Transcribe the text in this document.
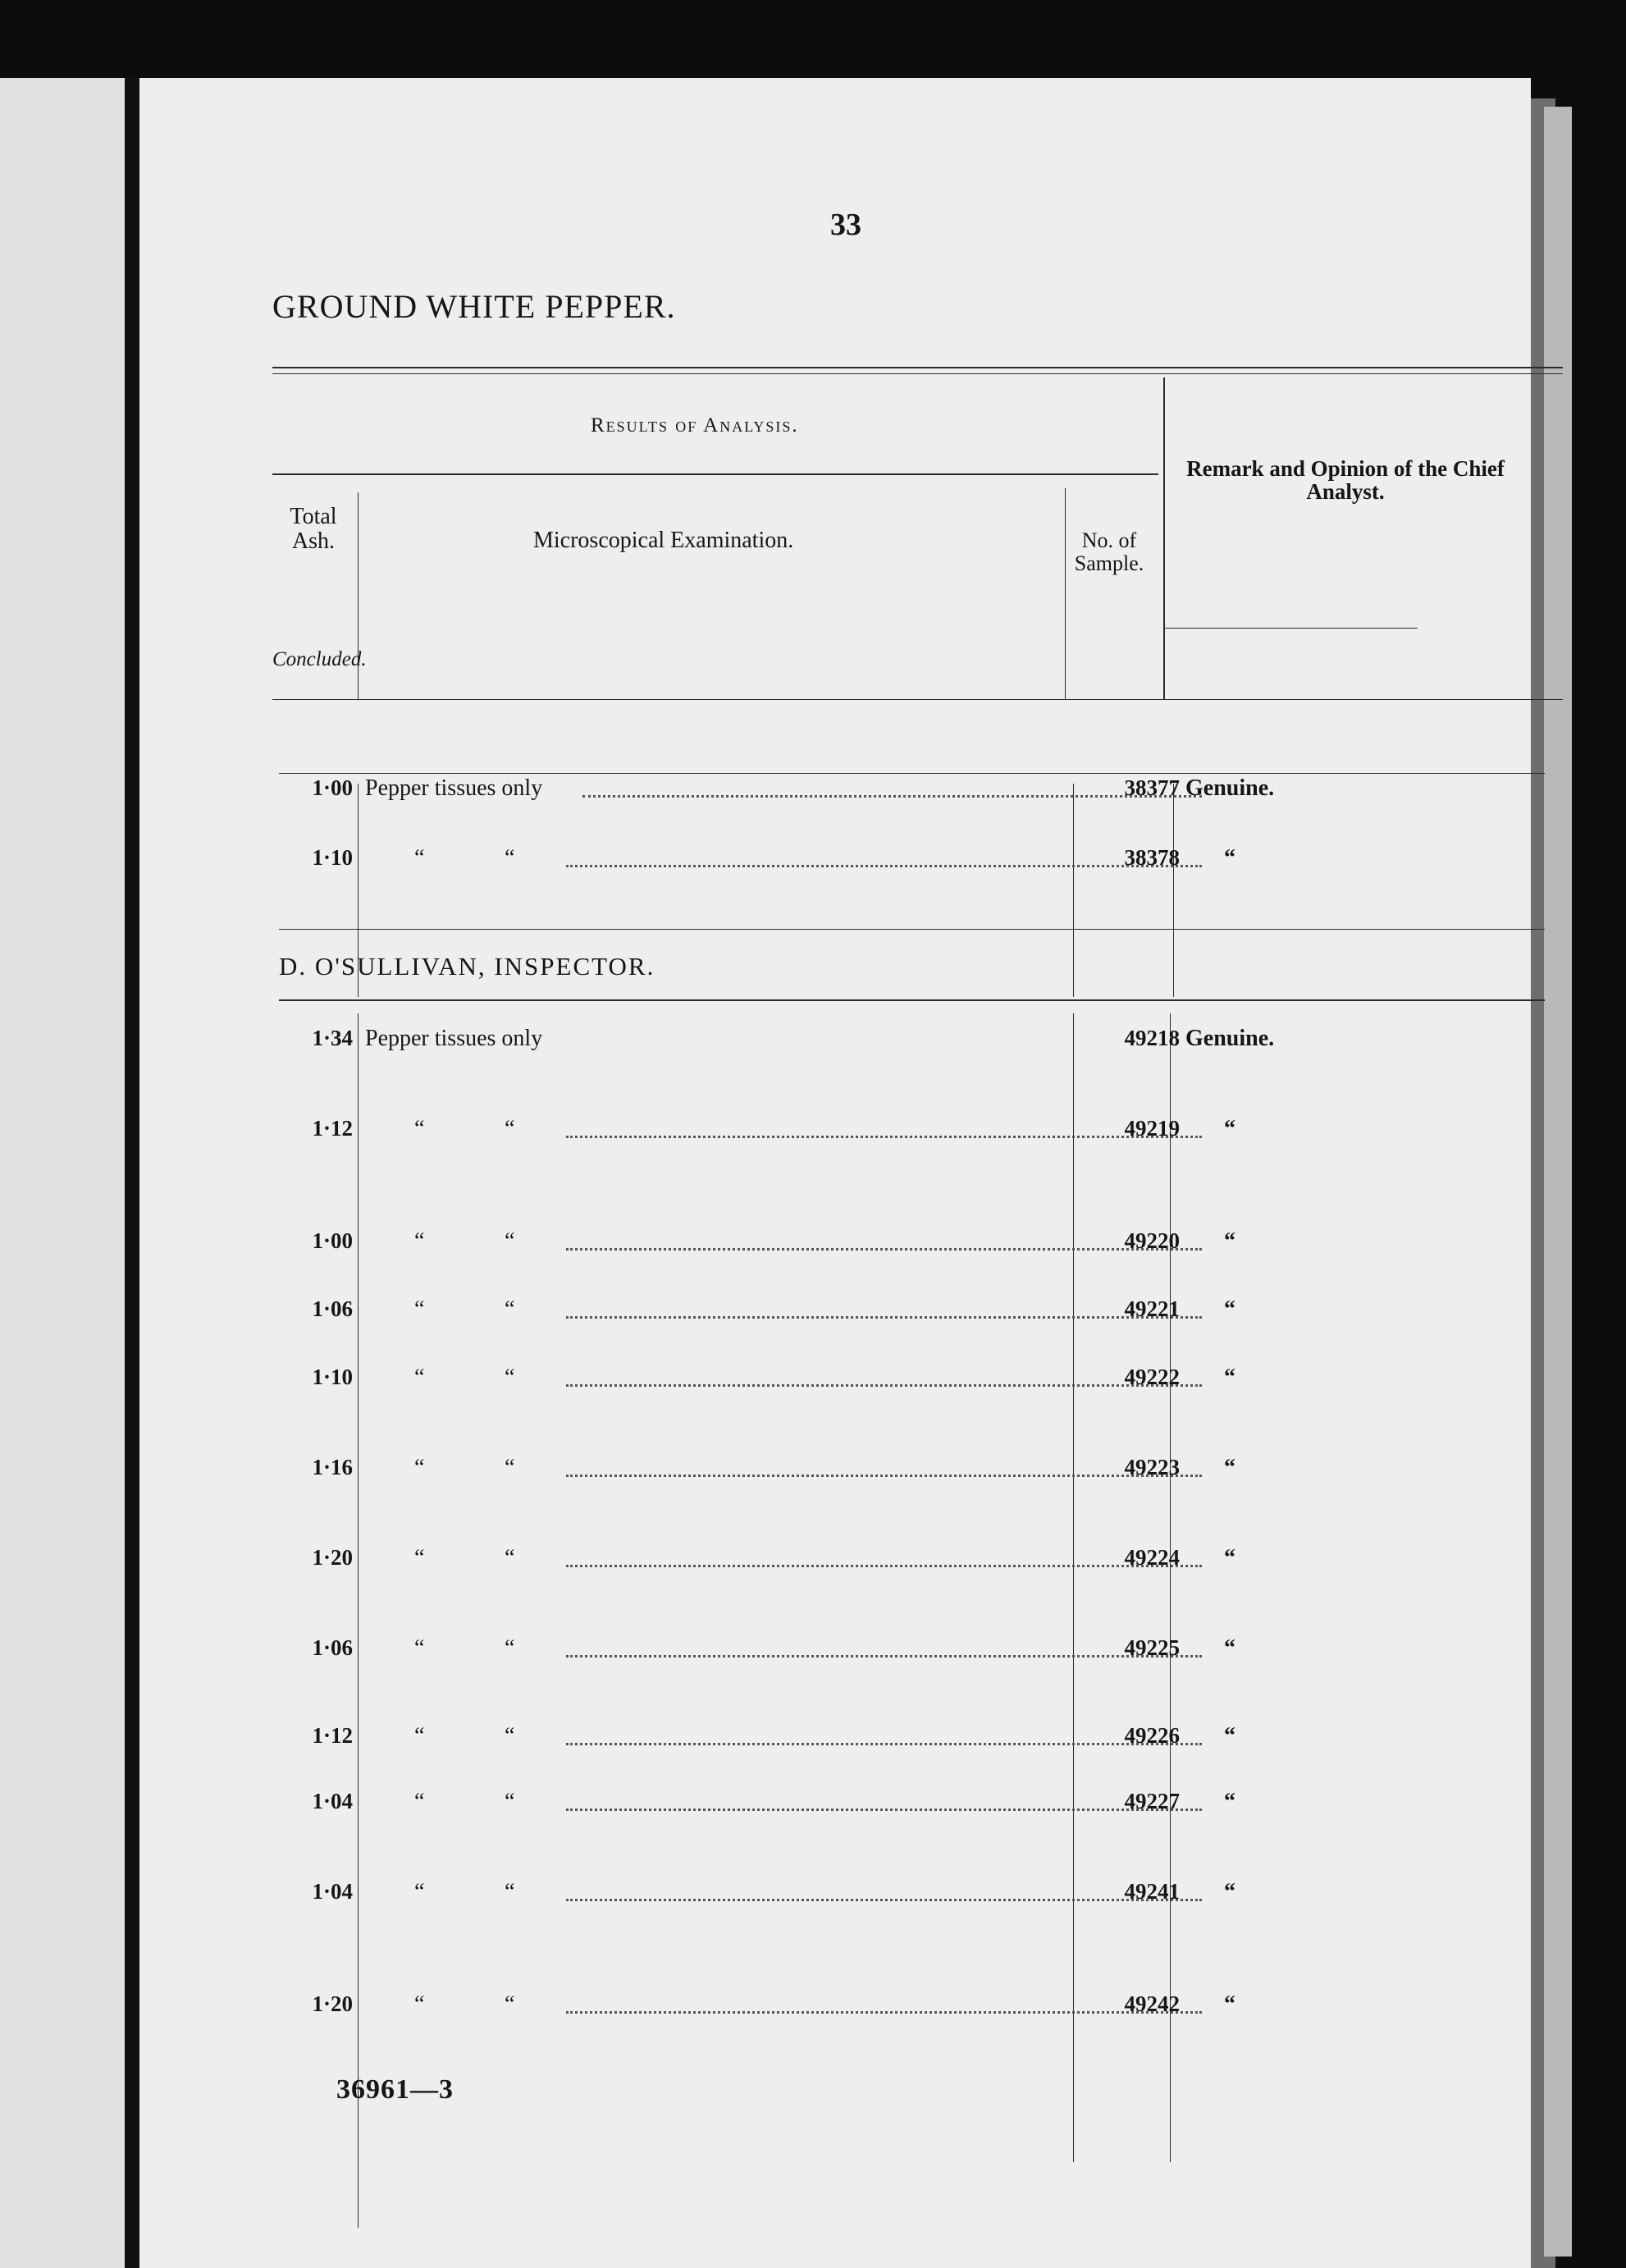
33
GROUND WHITE PEPPER.
Results of Analysis.
Remark and Opinion of the Chief Analyst.
Total Ash.	Microscopical Examination.	No. of Sample.
Concluded.
1·00 Pepper tissues only	38377 Genuine.
1·10	“	“	38378 “
D. O'SULLIVAN, INSPECTOR.
1·34 Pepper tissues only	49218 Genuine.
1·12	“	“	49219 “
1·00	“	“	49220 “
1·06	“	“	49221 “
1·10	“	“	49222 “
1·16	“	“	49223 “
1·20	“	“	49224 “
1·06	“	“	49225 “
1·12	“	“	49226 “
1·04	“	“	49227 “
1·04	“	“	49241 “
1·20	“	“	49242 “
36961—3
